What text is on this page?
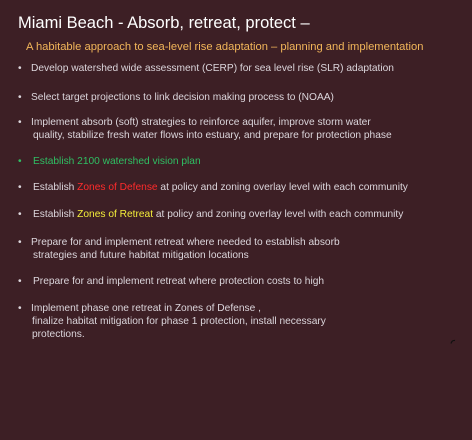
Miami Beach - Absorb, retreat, protect –
A habitable approach to sea-level rise adaptation – planning and implementation
• Develop watershed wide assessment (CERP) for sea level rise (SLR) adaptation
• Select target projections to link decision making process to (NOAA)
• Implement absorb (soft) strategies to reinforce aquifer, improve storm water
quality, stabilize fresh water flows into estuary, and prepare for protection phase
• Establish 2100 watershed vision plan
• Establish Zones of Defense at policy and zoning overlay level with each community
• Establish Zones of Retreat at policy and zoning overlay level with each community
• Prepare for and implement retreat where needed to establish absorb
strategies and future habitat mitigation locations
• Prepare for and implement retreat where protection costs to high
• Implement phase one retreat in Zones of Defense ,
finalize habitat mitigation for phase 1 protection, install necessary
protections.
